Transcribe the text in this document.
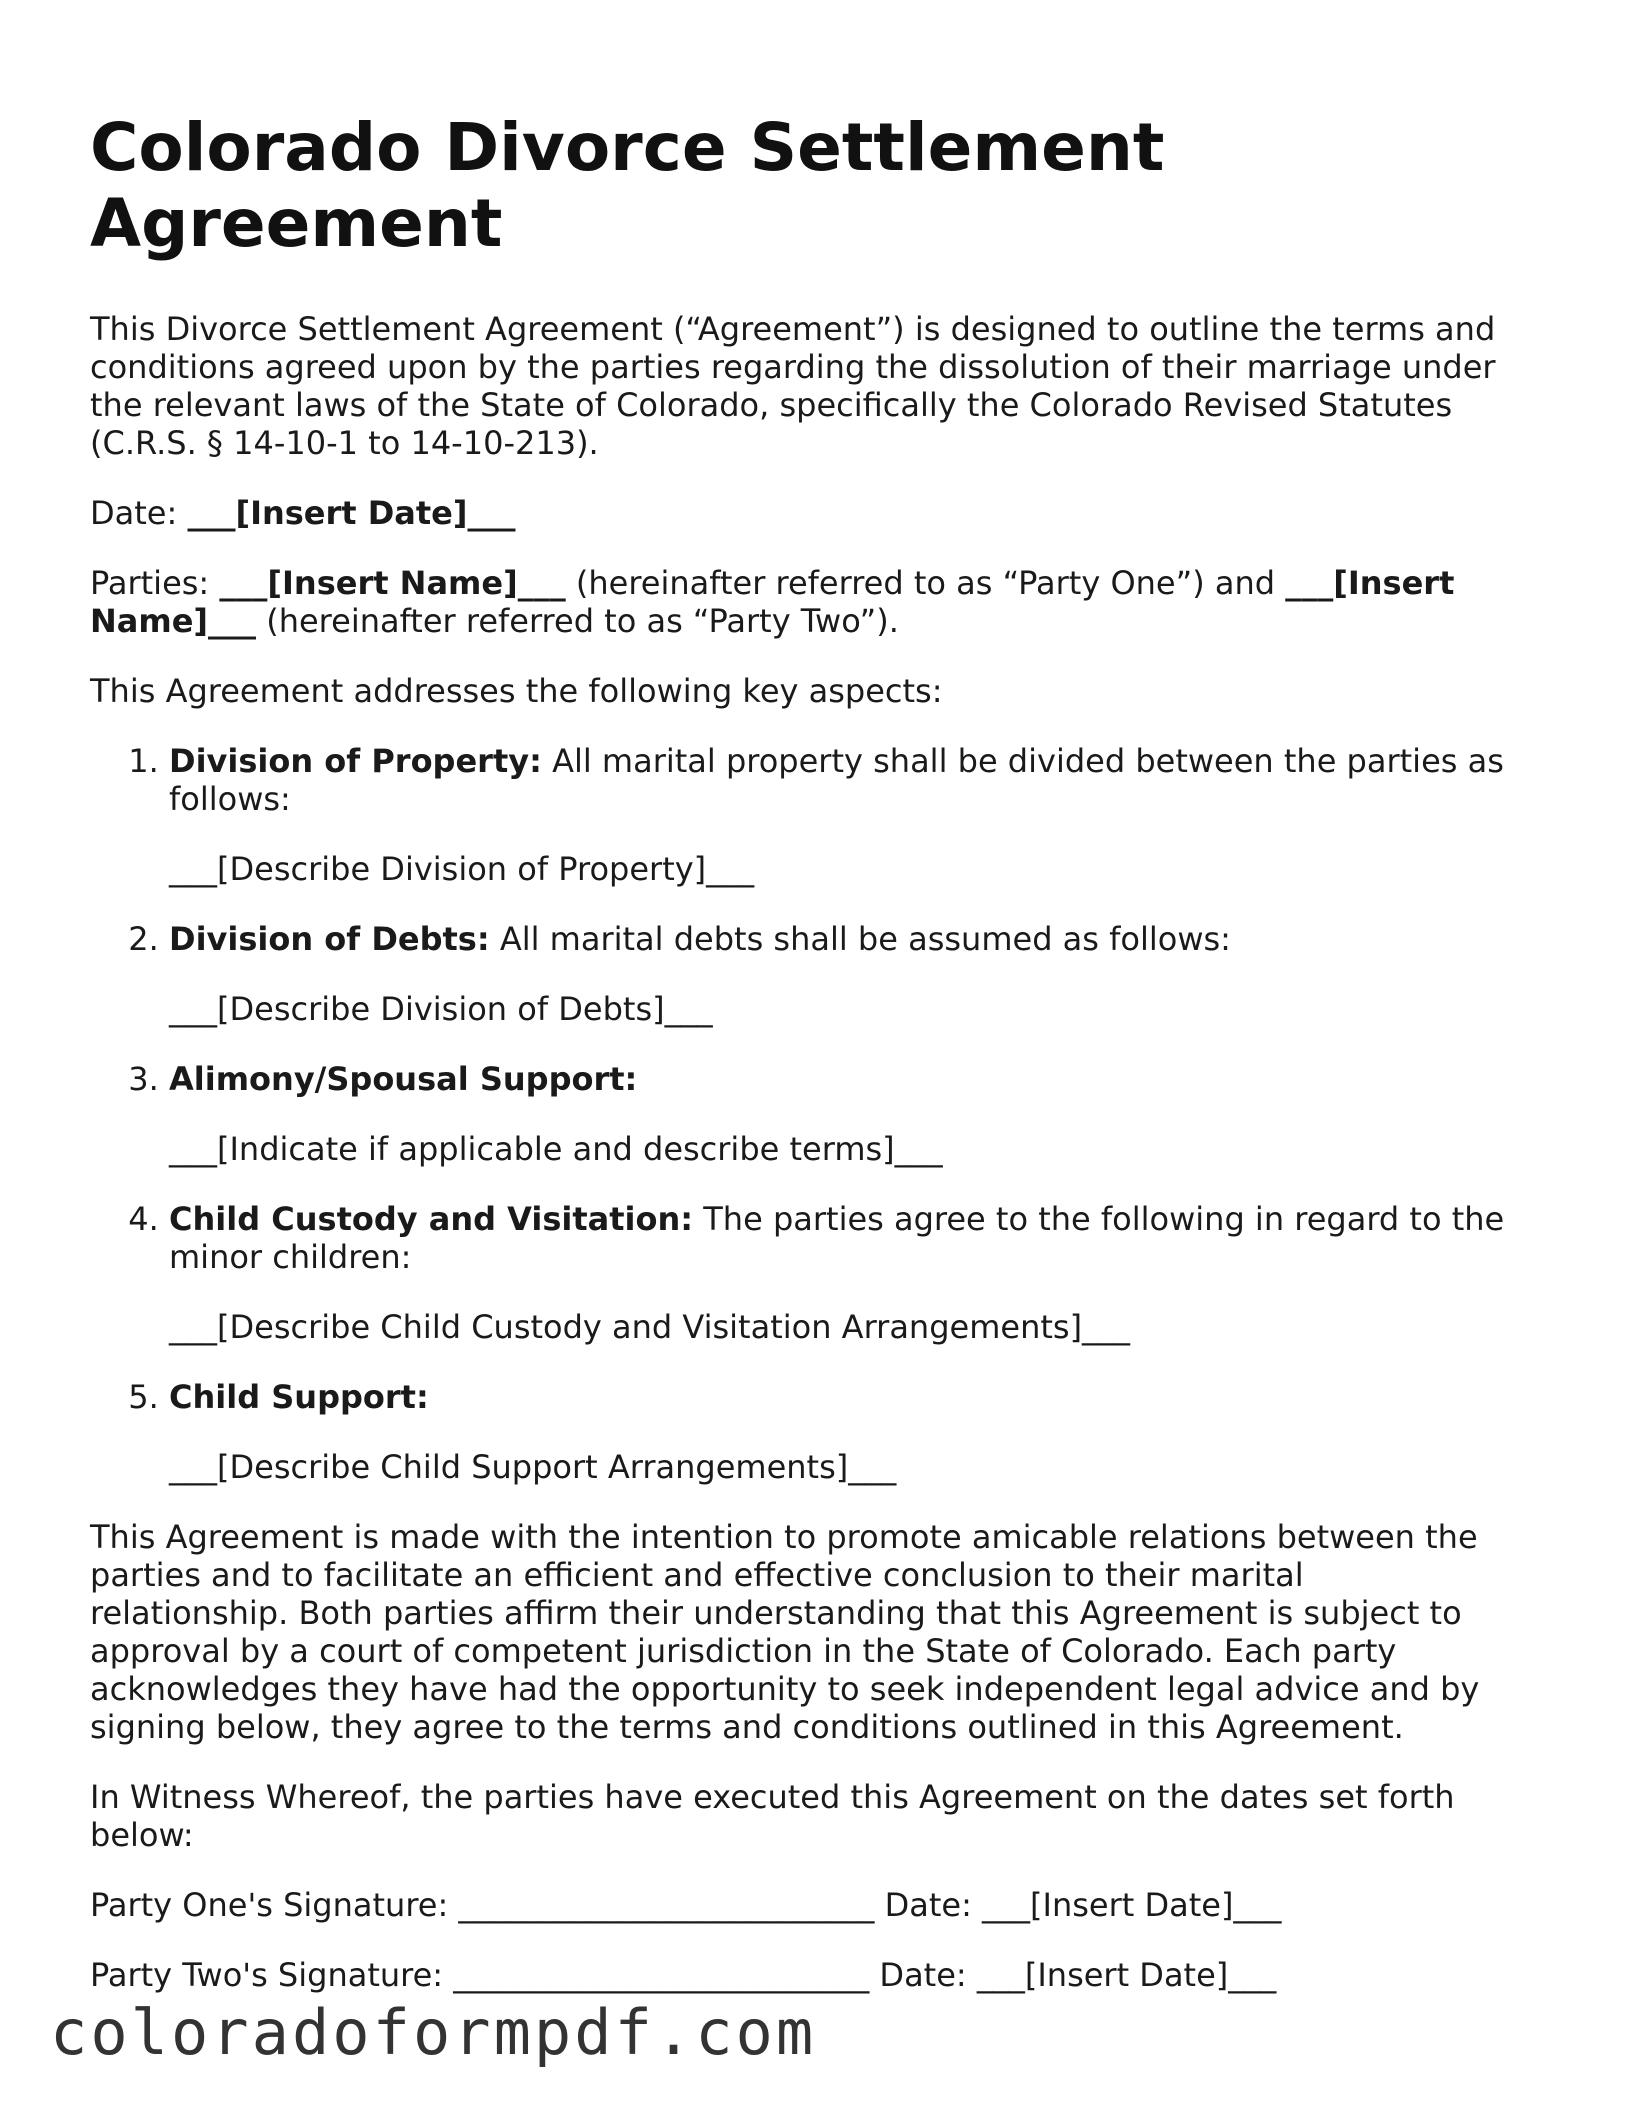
Colorado Divorce Settlement Agreement

This Divorce Settlement Agreement (“Agreement”) is designed to outline the terms and conditions agreed upon by the parties regarding the dissolution of their marriage under the relevant laws of the State of Colorado, specifically the Colorado Revised Statutes (C.R.S. § 14-10-1 to 14-10-213).

Date: ___[Insert Date]___

Parties: ___[Insert Name]___ (hereinafter referred to as “Party One”) and ___[Insert Name]___ (hereinafter referred to as “Party Two”).

This Agreement addresses the following key aspects:

1. Division of Property: All marital property shall be divided between the parties as follows:

___[Describe Division of Property]___

2. Division of Debts: All marital debts shall be assumed as follows:

___[Describe Division of Debts]___

3. Alimony/Spousal Support:

___[Indicate if applicable and describe terms]___

4. Child Custody and Visitation: The parties agree to the following in regard to the minor children:

___[Describe Child Custody and Visitation Arrangements]___

5. Child Support:

___[Describe Child Support Arrangements]___

This Agreement is made with the intention to promote amicable relations between the parties and to facilitate an efficient and effective conclusion to their marital relationship. Both parties affirm their understanding that this Agreement is subject to approval by a court of competent jurisdiction in the State of Colorado. Each party acknowledges they have had the opportunity to seek independent legal advice and by signing below, they agree to the terms and conditions outlined in this Agreement.

In Witness Whereof, the parties have executed this Agreement on the dates set forth below:

Party One's Signature: __________________________ Date: ___[Insert Date]___

Party Two's Signature: __________________________ Date: ___[Insert Date]___

coloradoformpdf.com
